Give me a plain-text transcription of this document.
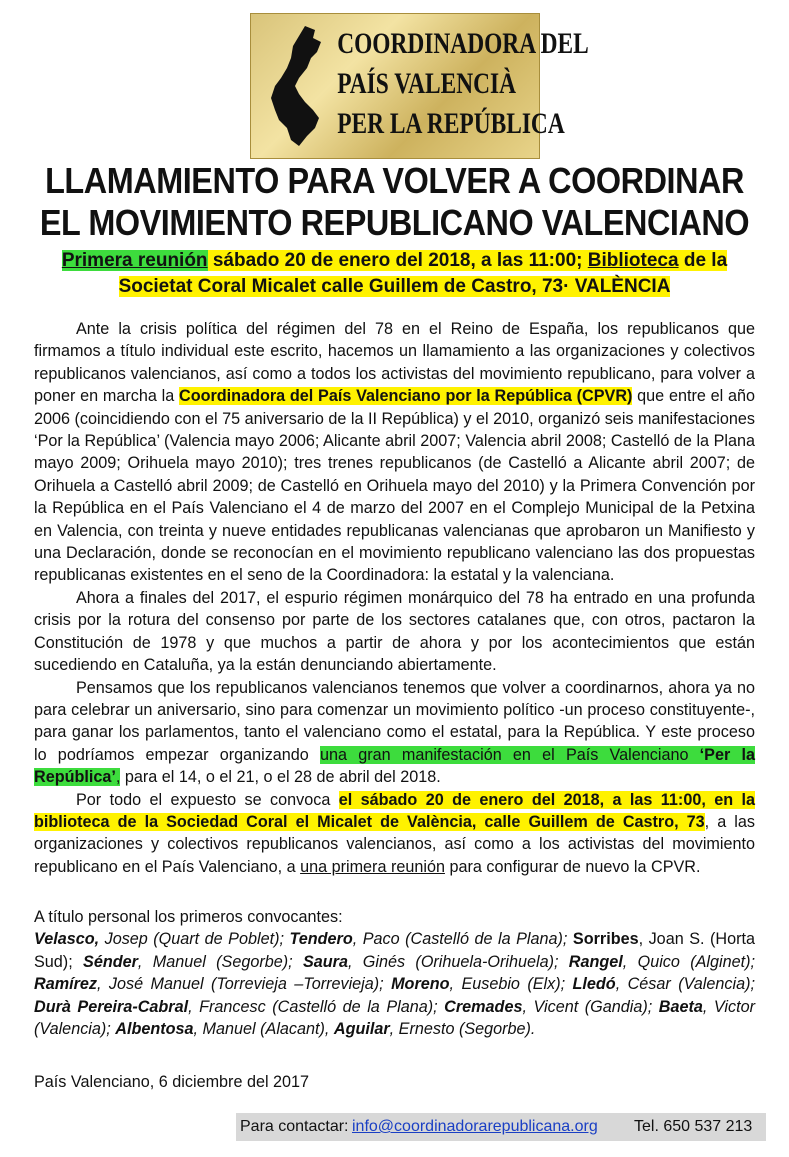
COORDINADORA DEL
PAÍS VALENCIÀ
PER LA REPÚBLICA
LLAMAMIENTO PARA VOLVER A COORDINAR
EL MOVIMIENTO REPUBLICANO VALENCIANO
Primera reunión sábado 20 de enero del 2018, a las 11:00; Biblioteca de la
Societat Coral Micalet calle Guillem de Castro, 73· VALÈNCIA

Ante la crisis política del régimen del 78 en el Reino de España, los republicanos que firmamos a título individual este escrito, hacemos un llamamiento a las organizaciones y colectivos republicanos valencianos, así como a todos los activistas del movimiento republicano, para volver a poner en marcha la Coordinadora del País Valenciano por la República (CPVR) que entre el año 2006 (coincidiendo con el 75 aniversario de la II República) y el 2010, organizó seis manifestaciones ‘Por la República’ (Valencia mayo 2006; Alicante abril 2007; Valencia abril 2008; Castelló de la Plana mayo 2009; Orihuela mayo 2010); tres trenes republicanos (de Castelló a Alicante abril 2007; de Orihuela a Castelló abril 2009; de Castelló en Orihuela mayo del 2010) y la Primera Convención por la República en el País Valenciano el 4 de marzo del 2007 en el Complejo Municipal de la Petxina en Valencia, con treinta y nueve entidades republicanas valencianas que aprobaron un Manifiesto y una Declaración, donde se reconocían en el movimiento republicano valenciano las dos propuestas republicanas existentes en el seno de la Coordinadora: la estatal y la valenciana.

Ahora a finales del 2017, el espurio régimen monárquico del 78 ha entrado en una profunda crisis por la rotura del consenso por parte de los sectores catalanes que, con otros, pactaron la Constitución de 1978 y que muchos a partir de ahora y por los acontecimientos que están sucediendo en Cataluña, ya la están denunciando abiertamente.

Pensamos que los republicanos valencianos tenemos que volver a coordinarnos, ahora ya no para celebrar un aniversario, sino para comenzar un movimiento político -un proceso constituyente-, para ganar los parlamentos, tanto el valenciano como el estatal, para la República. Y este proceso lo podríamos empezar organizando una gran manifestación en el País Valenciano ‘Per la República’, para el 14, o el 21, o el 28 de abril del 2018.

Por todo el expuesto se convoca el sábado 20 de enero del 2018, a las 11:00, en la biblioteca de la Sociedad Coral el Micalet de València, calle Guillem de Castro, 73, a las organizaciones y colectivos republicanos valencianos, así como a los activistas del movimiento republicano en el País Valenciano, a una primera reunión para configurar de nuevo la CPVR.

A título personal los primeros convocantes:

Velasco, Josep (Quart de Poblet); Tendero, Paco (Castelló de la Plana); Sorribes, Joan S. (Horta Sud); Sénder, Manuel (Segorbe); Saura, Ginés (Orihuela-Orihuela); Rangel, Quico (Alginet); Ramírez, José Manuel (Torrevieja –Torrevieja); Moreno, Eusebio (Elx); Lledó, César (Valencia); Durà Pereira-Cabral, Francesc (Castelló de la Plana); Cremades, Vicent (Gandia); Baeta, Victor (Valencia); Albentosa, Manuel (Alacant), Aguilar, Ernesto (Segorbe).

País Valenciano, 6 diciembre del 2017
Para contactar: info@coordinadorarepublicana.org Tel. 650 537 213
